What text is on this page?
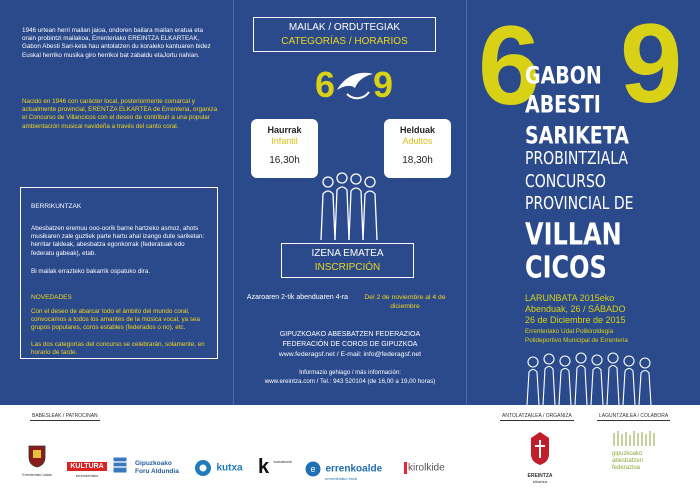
1946 urtean herri mailan jaioa, ondoren bailara mailan eratua eta orain probintzi mailakoa, Errenteriako EREINTZA ELKARTEAK, Gabon Abesti Sari-keta hau antolatzen du koraleko kantuaren bidez Euskal herriko musika giro herrikoi bat zabaldu etaJortu nahian.

Nacido en 1946 con carácter local, posteriormente comarcal y actualmente provincial, ERENTZA ELKARTEA de Errenteria, organiza el Concurso de Villancicos con el deseo de contribuir a una popular ambientación musical navideña a través del canto coral.

BERRIKUNTZAK

Abesbatzen eremuu ooo-oorik barne hartzeko asmoz, ahots musikaren zale guztiek parte hartu ahal izango dute sariketan: herritar taldeak, abesbatza egonkorrak (federatuak edo federatu gabeak), etab.

Bi mailak errazteko bakarrik ospatuko dira.

NOVEDADES

Con el deseo de abarcar todo el ámbito del mundo coral, convocamos a todos los amantes de la música vocal, ya sea grupos populares, coros estables (federados o no), etc.

Las dos categorías del concurso se celebrarán, solamente, en horario de tarde.

MAILAK / ORDUTEGIAK
CATEGORÍAS / HORARIOS
6 9
Haurrak
Infantil
16,30h
Helduak
Adultos
18,30h
IZENA EMATEA
INSCRIPCIÓN
Azaroaren 2-tik abenduaren 4-ra	Del 2 de noviembre al 4 de diciembre
GIPUZKOAKO ABESBATZEN FEDERAZIOA
FEDERACIÓN DE COROS DE GIPUZKOA
www.federagsf.net / E-mail: info@federagsf.net
Informazio gehiago / más información:
www.ereintza.com / Tel.: 943 520104 (de 16,00 a 19,00 horas)
6 9
GABON
ABESTI
SARIKETA
PROBINTZIALA
CONCURSO
PROVINCIAL DE
VILLAN
CICOS
LARUNBATA 2015eko
Abenduak, 26 / SÁBADO
26 de Diciembre de 2015
Errenteriako Udal Polikiroldegia
Polideportivo Municipal de Errenteria
BABESLEAK / PATROCINAN	ANTOLATZAILEA / ORGANIZA	LAGUNTZAILEA / COLABORA
Errenteriako Udala
KULTURA
errenderiako
Gipuzkoako
Foru Aldundia	kutxa k $^{kutxabank}$
e errenkoalde
errenderiako erosl
kirolkide
EREINTZA
elkartea
gipuzkoako
abesbatzen
federazioa
